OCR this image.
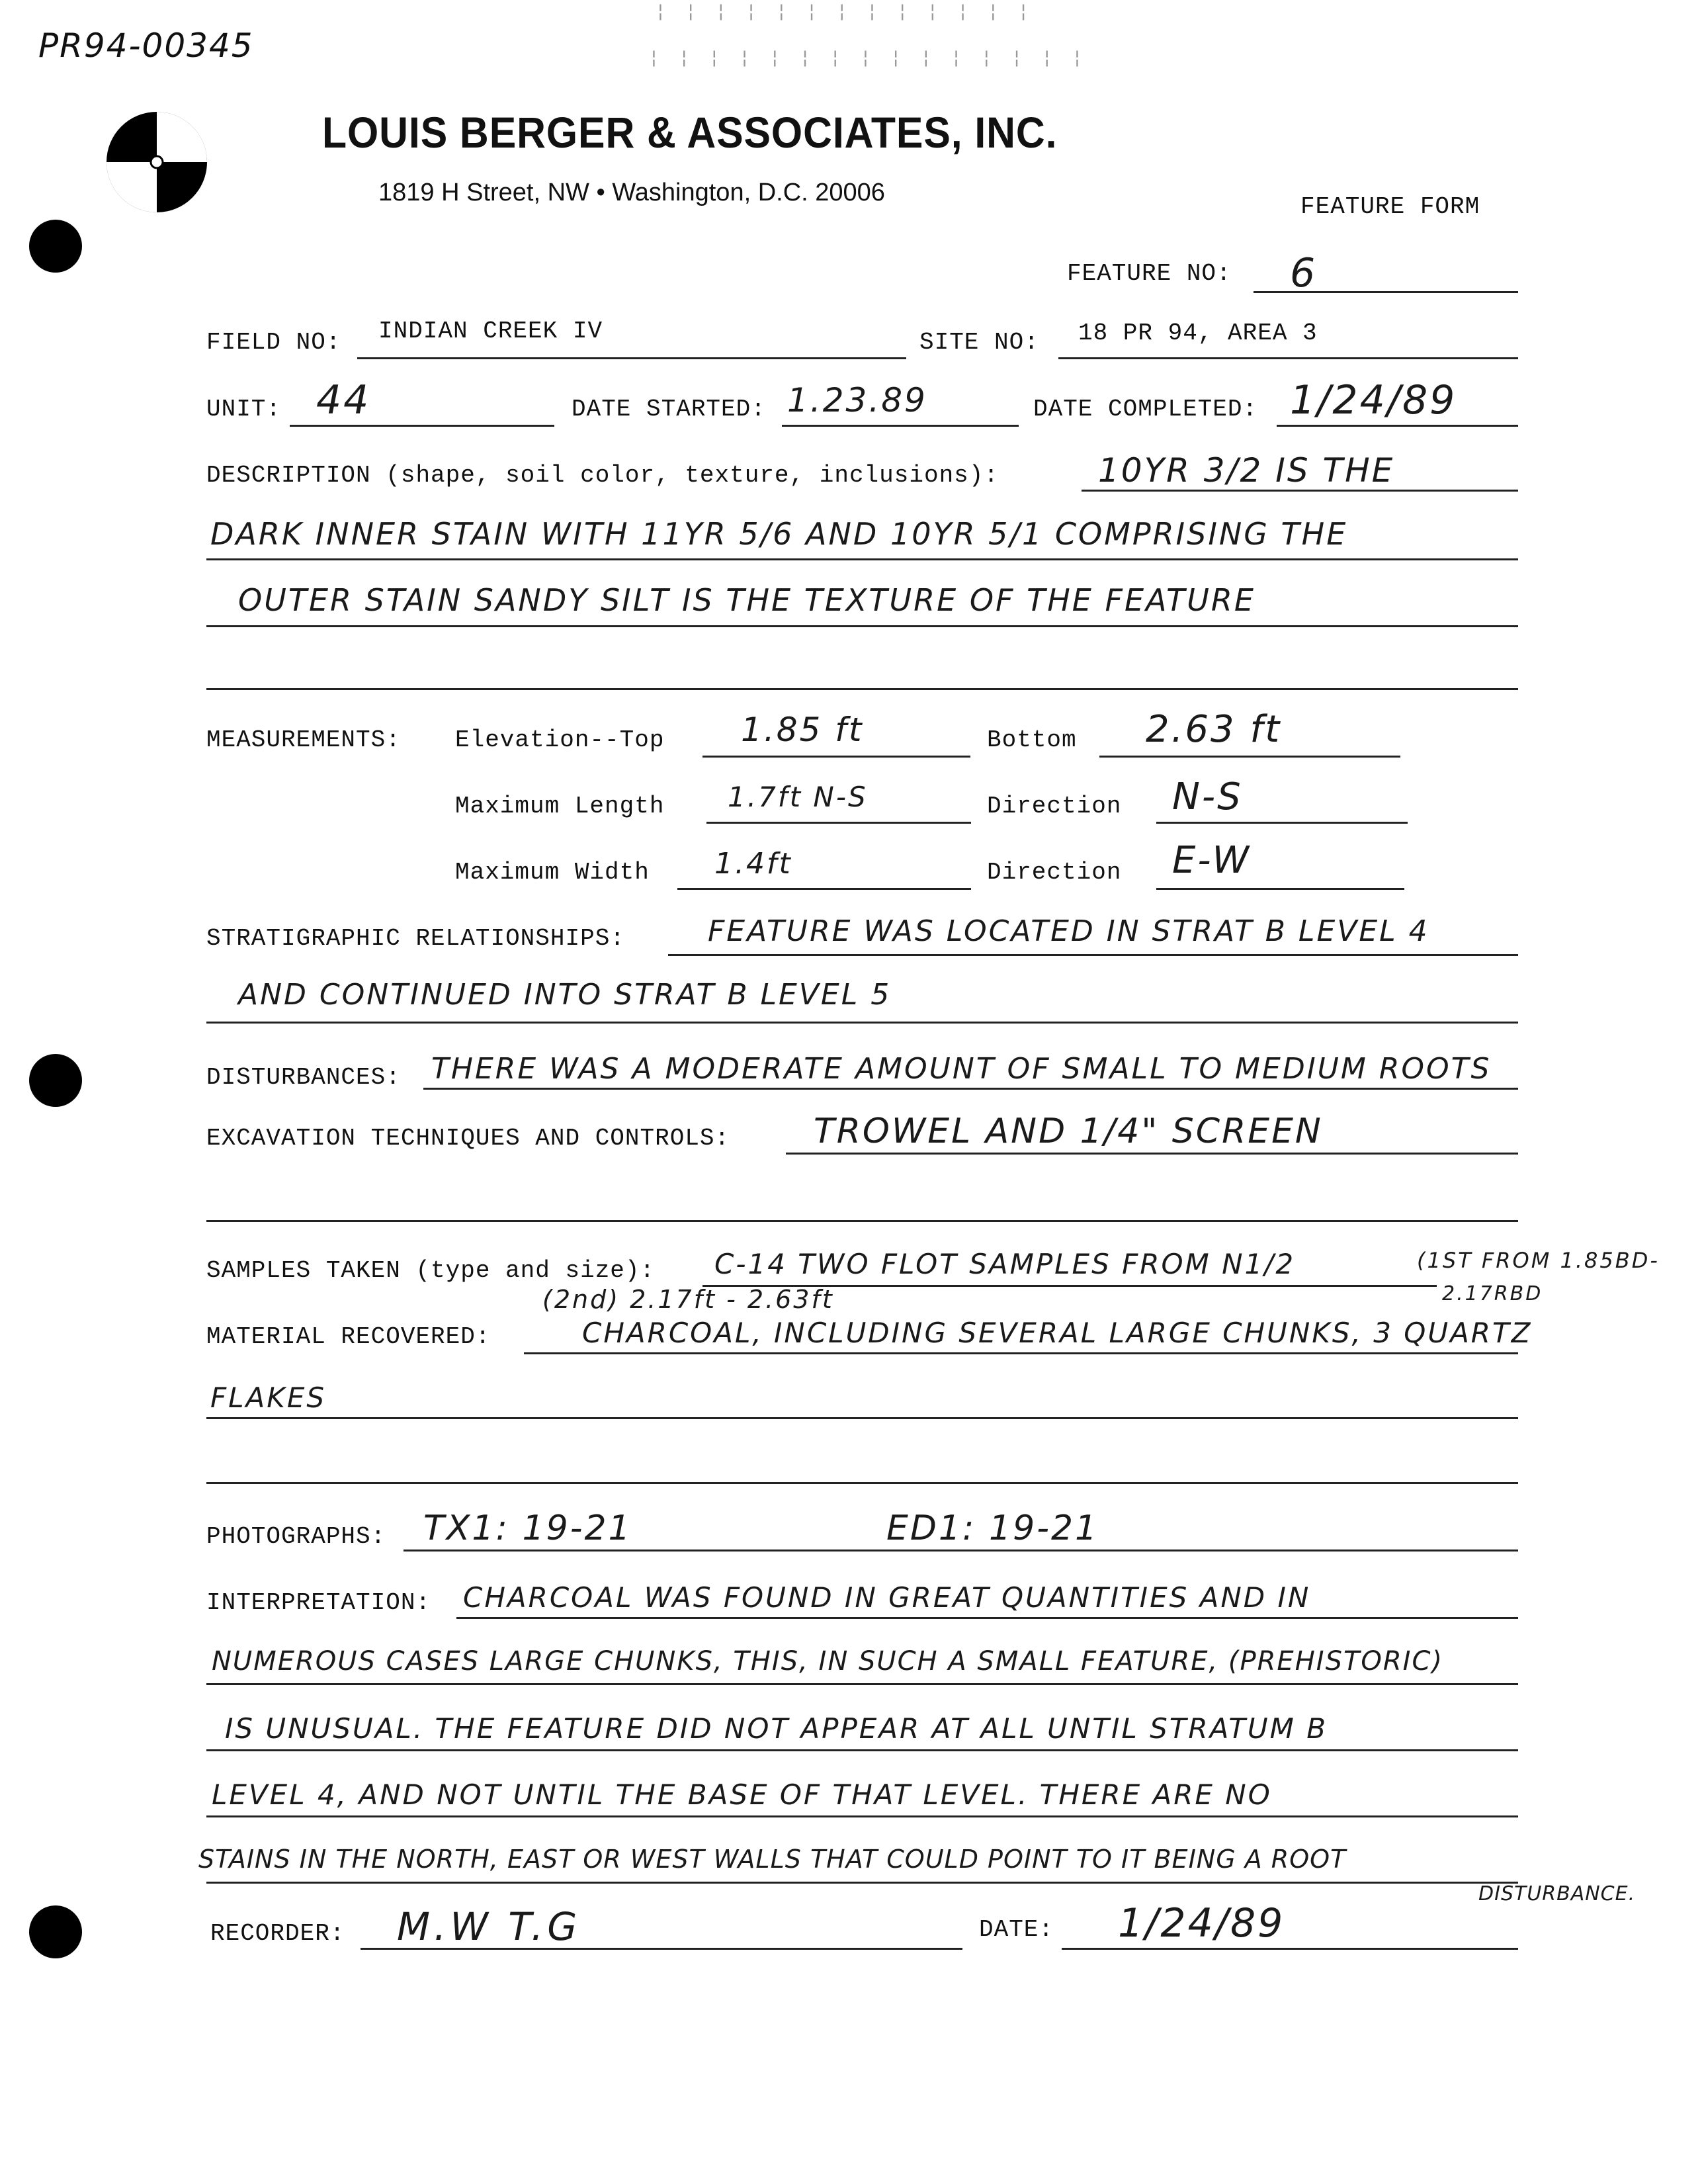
¦ ¦ ¦ ¦ ¦ ¦ ¦ ¦ ¦ ¦ ¦ ¦ ¦
¦ ¦ ¦ ¦ ¦ ¦ ¦ ¦ ¦ ¦ ¦ ¦ ¦ ¦ ¦
PR94-00345
LOUIS BERGER & ASSOCIATES, INC.
1819 H Street, NW • Washington, D.C. 20006
FEATURE FORM
FEATURE NO: 6
FIELD NO: INDIAN CREEK IV	SITE NO: 18 PR 94, AREA 3
UNIT: 44	DATE STARTED: 1.23.89	DATE COMPLETED: 1/24/89
DESCRIPTION (shape, soil color, texture, inclusions):	10YR 3/2 IS THE
DARK INNER STAIN WITH 11YR 5/6 AND 10YR 5/1 COMPRISING THE
OUTER STAIN SANDY SILT IS THE TEXTURE OF THE FEATURE
MEASUREMENTS: Elevation--Top 1.85 ft	Bottom 2.63 ft
Maximum Length 1.7ft N-S	Direction N-S
Maximum Width 1.4ft	Direction E-W
STRATIGRAPHIC RELATIONSHIPS:	FEATURE WAS LOCATED IN STRAT B LEVEL 4
AND CONTINUED INTO STRAT B LEVEL 5
DISTURBANCES: THERE WAS A MODERATE AMOUNT OF SMALL TO MEDIUM ROOTS
EXCAVATION TECHNIQUES AND CONTROLS: TROWEL AND 1/4" SCREEN
SAMPLES TAKEN (type and size): C-14 TWO FLOT SAMPLES FROM N1/2	(1ST FROM 1.85BD-
2.17RBD
(2nd) 2.17ft - 2.63ft
MATERIAL RECOVERED:	CHARCOAL, INCLUDING SEVERAL LARGE CHUNKS, 3 QUARTZ
FLAKES
PHOTOGRAPHS: TX1: 19-21	ED1: 19-21
INTERPRETATION: CHARCOAL WAS FOUND IN GREAT QUANTITIES AND IN
NUMEROUS CASES LARGE CHUNKS, THIS, IN SUCH A SMALL FEATURE, (PREHISTORIC)
IS UNUSUAL. THE FEATURE DID NOT APPEAR AT ALL UNTIL STRATUM B
LEVEL 4, AND NOT UNTIL THE BASE OF THAT LEVEL. THERE ARE NO
STAINS IN THE NORTH, EAST OR WEST WALLS THAT COULD POINT TO IT BEING A ROOT
DISTURBANCE.
RECORDER: M.W T.G	DATE: 1/24/89
